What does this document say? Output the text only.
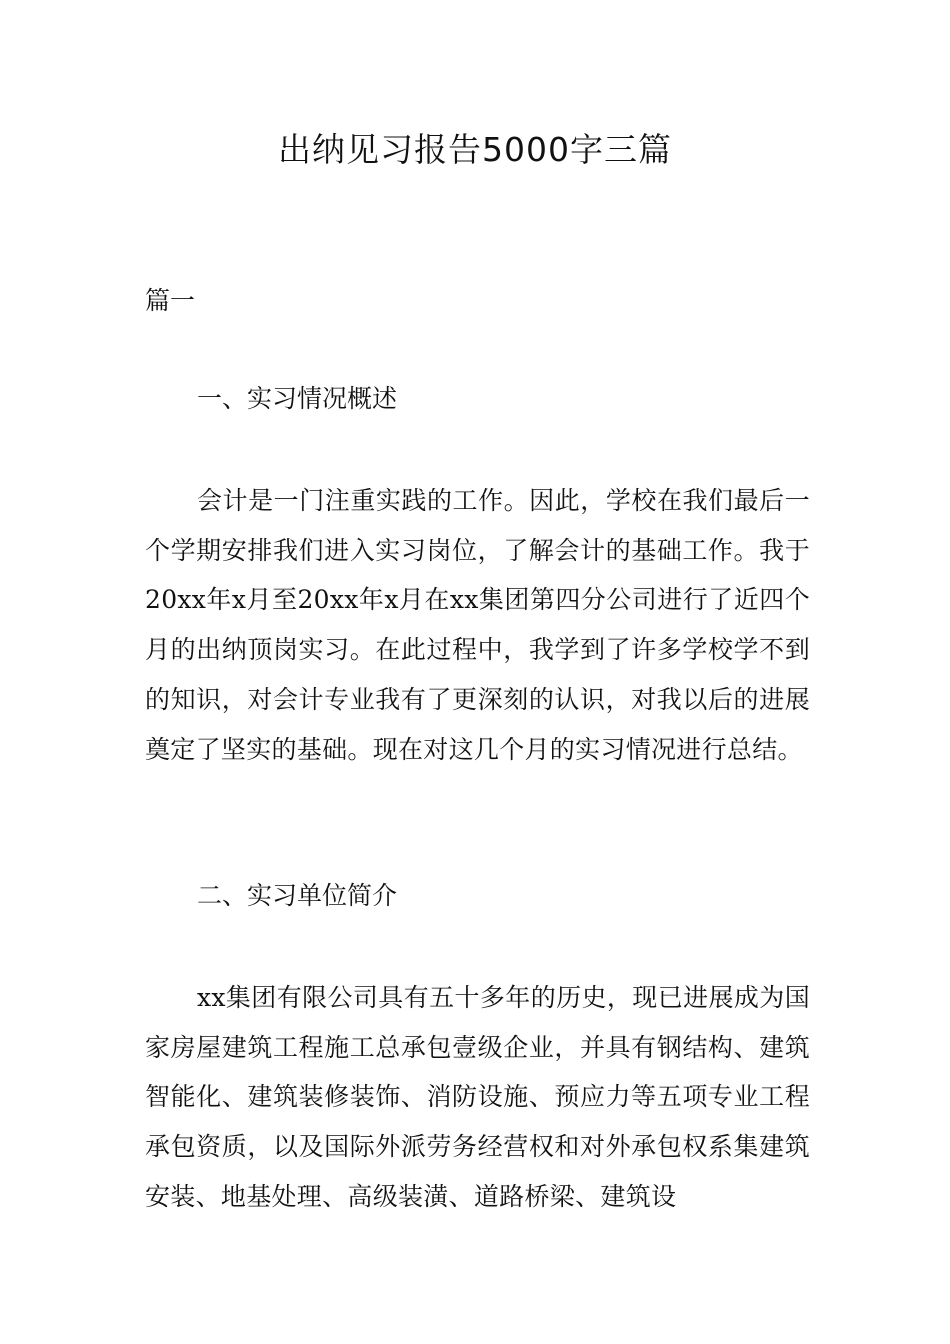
出纳见习报告5000字三篇

篇一

一、实习情况概述

会计是一门注重实践的工作。因此，学校在我们最后一个学期安排我们进入实习岗位，了解会计的基础工作。我于20xx年x月至20xx年x月在xx集团第四分公司进行了近四个月的出纳顶岗实习。在此过程中，我学到了许多学校学不到的知识，对会计专业我有了更深刻的认识，对我以后的进展奠定了坚实的基础。现在对这几个月的实习情况进行总结。

二、实习单位简介

xx集团有限公司具有五十多年的历史，现已进展成为国家房屋建筑工程施工总承包壹级企业，并具有钢结构、建筑智能化、建筑装修装饰、消防设施、预应力等五项专业工程承包资质，以及国际外派劳务经营权和对外承包权系集建筑安装、地基处理、高级装潢、道路桥梁、建筑设
